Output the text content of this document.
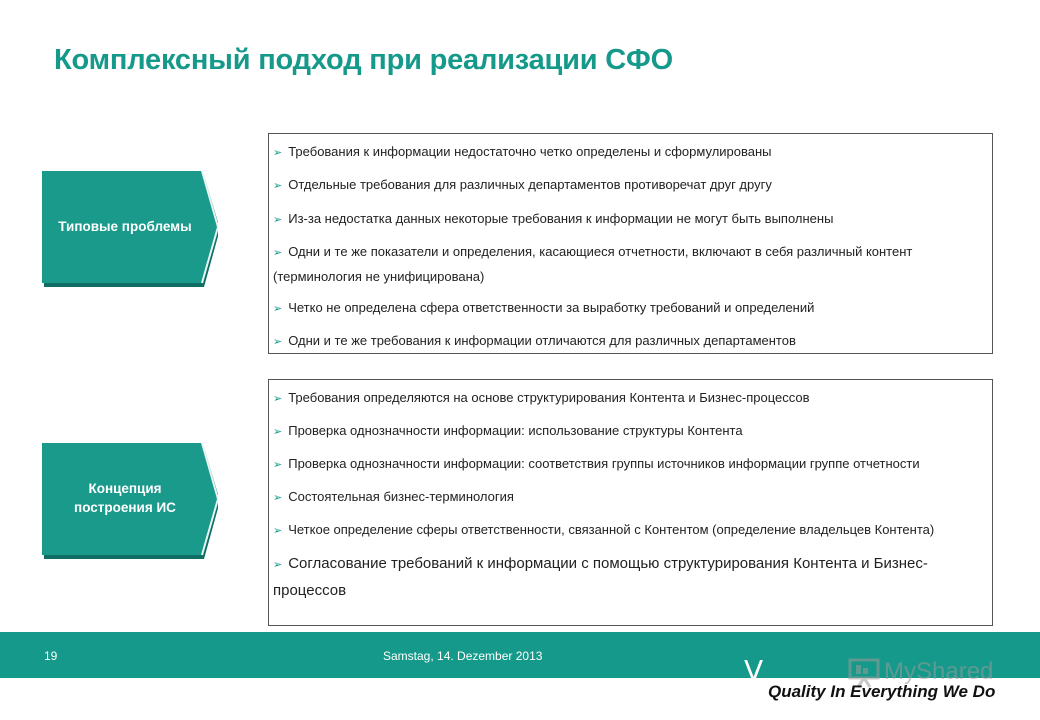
Комплексный подход при реализации СФО
Типовые проблемы
Концепция построения ИС
➢ Требования к информации недостаточно четко определены и сформулированы
➢ Отдельные требования для различных департаментов противоречат друг другу
➢ Из-за недостатка данных некоторые требования к информации не могут быть выполнены
➢ Одни и те же показатели и определения, касающиеся отчетности, включают в себя различный контент (терминология не унифицирована)
➢ Четко не определена сфера ответственности за выработку требований и определений
➢ Одни и те же требования к информации отличаются для различных департаментов
➢ Требования определяются на основе структурирования Контента и Бизнес-процессов
➢ Проверка однозначности информации: использование структуры Контента
➢ Проверка однозначности информации: соответствия группы источников информации группе отчетности
➢ Состоятельная бизнес-терминология
➢ Четкое определение сферы ответственности, связанной с Контентом (определение владельцев Контента)
➢ Согласование требований к информации с помощью структурирования Контента и Бизнес-процессов
19	Samstag, 14. Dezember 2013	V	MyShared
Quality In Everything We Do
